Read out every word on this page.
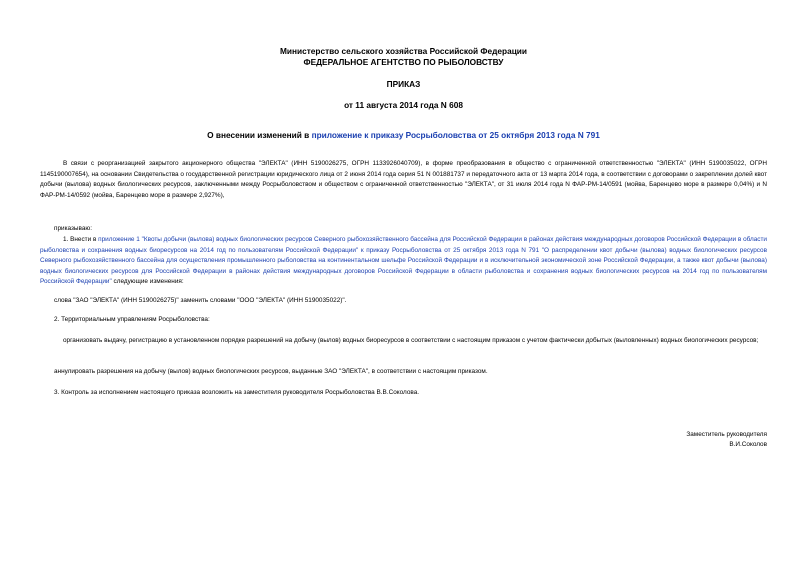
Министерство сельского хозяйства Российской Федерации
ФЕДЕРАЛЬНОЕ АГЕНТСТВО ПО РЫБОЛОВСТВУ
ПРИКАЗ
от 11 августа 2014 года N 608
О внесении изменений в приложение к приказу Росрыболовства от 25 октября 2013 года N 791

В связи с реорганизацией закрытого акционерного общества "ЭЛЕКТА" (ИНН 5190026275, ОГРН 1133926040709), в форме преобразования в общество с ограниченной ответственностью "ЭЛЕКТА" (ИНН 5190035022, ОГРН 1145190007654), на основании Свидетельства о государственной регистрации юридического лица от 2 июня 2014 года серия 51 N 001881737 и передаточного акта от 13 марта 2014 года, в соответствии с договорами о закреплении долей квот добычи (вылова) водных биологических ресурсов, заключенными между Росрыболовством и обществом с ограниченной ответственностью "ЭЛЕКТА", от 31 июля 2014 года N ФАР-РМ-14/0591 (мойва, Баренцево море в размере 0,04%) и N ФАР-РМ-14/0592 (мойва, Баренцево море в размере 2,927%),

приказываю:

1. Внести в приложение 1 "Квоты добычи (вылова) водных биологических ресурсов Северного рыбохозяйственного бассейна для Российской Федерации в районах действия международных договоров Российской Федерации в области рыболовства и сохранения водных биоресурсов на 2014 год по пользователям Российской Федерации" к приказу Росрыболовства от 25 октября 2013 года N 791 "О распределении квот добычи (вылова) водных биологических ресурсов Северного рыбохозяйственного бассейна для осуществления промышленного рыболовства на континентальном шельфе Российской Федерации и в исключительной экономической зоне Российской Федерации, а также квот добычи (вылова) водных биологических ресурсов для Российской Федерации в районах действия международных договоров Российской Федерации в области рыболовства и сохранения водных биологических ресурсов на 2014 год по пользователям Российской Федерации" следующие изменения:

слова "ЗАО "ЭЛЕКТА" (ИНН 5190026275)" заменить словами "ООО "ЭЛЕКТА" (ИНН 5190035022)".

2. Территориальным управлениям Росрыболовства:

организовать выдачу, регистрацию в установленном порядке разрешений на добычу (вылов) водных биоресурсов в соответствии с настоящим приказом с учетом фактически добытых (выловленных) водных биологических ресурсов;

аннулировать разрешения на добычу (вылов) водных биологических ресурсов, выданные ЗАО "ЭЛЕКТА", в соответствии с настоящим приказом.

3. Контроль за исполнением настоящего приказа возложить на заместителя руководителя Росрыболовства В.В.Соколова.

Заместитель руководителя
В.И.Соколов
